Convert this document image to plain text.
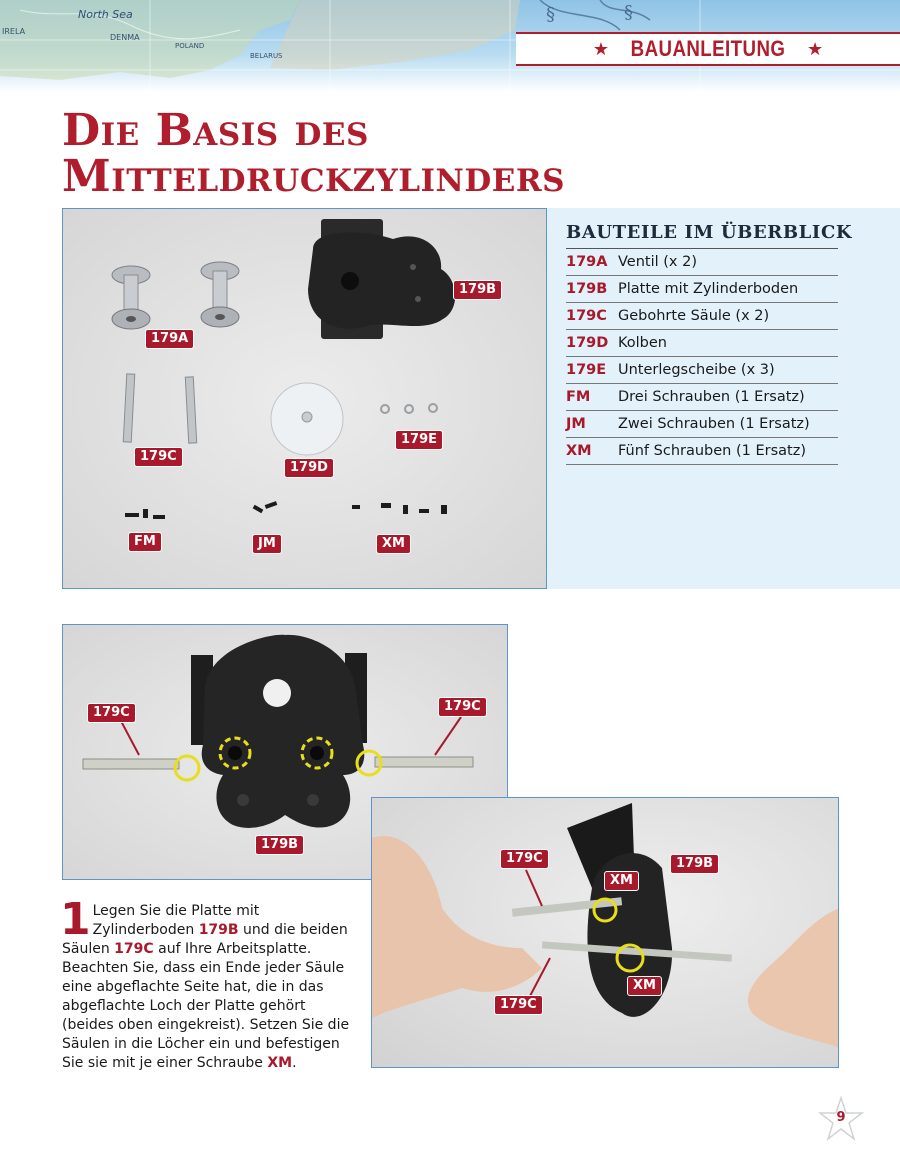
IRELA
North Sea
DENMA
POLAND
BELARUS
§	§
★ BAUANLEITUNG ★
Die Basis des
Mitteldruckzylinders
BAUTEILE IM ÜBERBLICK
179A Ventil (x 2)
179B Platte mit Zylinderboden
179C Gebohrte Säule (x 2)
179D Kolben
179E Unterlegscheibe (x 3)
FM	Drei Schrauben (1 Ersatz)
JM	Zwei Schrauben (1 Ersatz)
XM	Fünf Schrauben (1 Ersatz)
179A
179B
179C
179D
179E
FM	JM	XM
179C	179C
179B
179C
179C
179B
XM
XM
1 Legen Sie die Platte mit Zylinderboden 179B und die beiden Säulen 179C auf Ihre Arbeitsplatte. Beachten Sie, dass ein Ende jeder Säule eine abgeflachte Seite hat, die in das abgeflachte Loch der Platte gehört (beides oben eingekreist). Setzen Sie die Säulen in die Löcher ein und befestigen Sie sie mit je einer Schraube XM.
9
